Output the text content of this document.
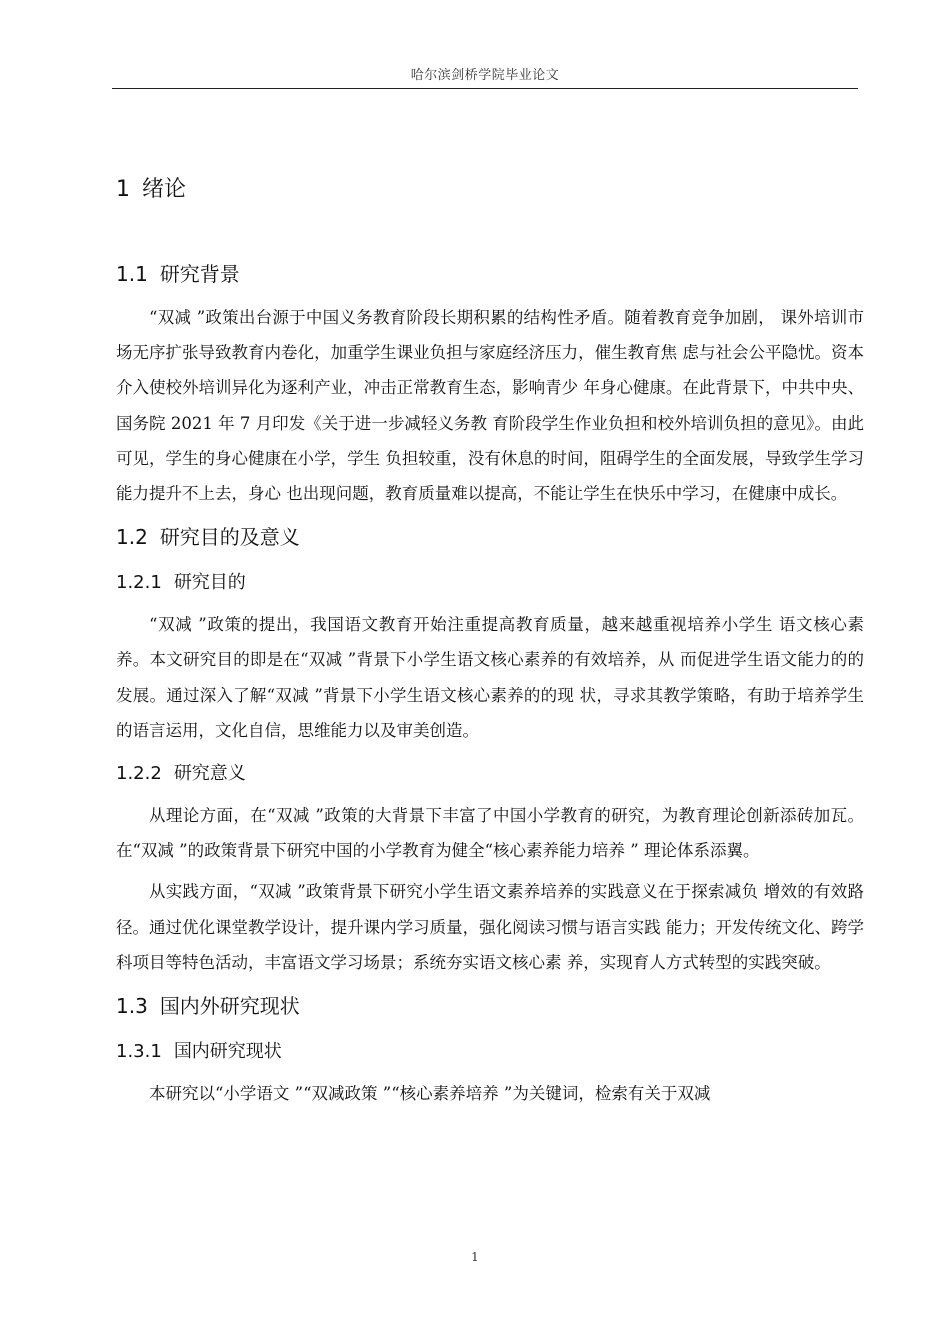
哈尔滨剑桥学院毕业论文
1 绪论
1.1 研究背景

“双减 ”政策出台源于中国义务教育阶段长期积累的结构性矛盾。随着教育竞争加剧， 课外培训市场无序扩张导致教育内卷化，加重学生课业负担与家庭经济压力，催生教育焦 虑与社会公平隐忧。资本介入使校外培训异化为逐利产业，冲击正常教育生态，影响青少 年身心健康。在此背景下，中共中央、国务院 2021 年 7 月印发《关于进一步减轻义务教 育阶段学生作业负担和校外培训负担的意见》。由此可见，学生的身心健康在小学，学生 负担较重，没有休息的时间，阻碍学生的全面发展，导致学生学习能力提升不上去，身心 也出现问题，教育质量难以提高，不能让学生在快乐中学习，在健康中成长。

1.2 研究目的及意义
1.2.1 研究目的

“双减 ”政策的提出，我国语文教育开始注重提高教育质量，越来越重视培养小学生 语文核心素养。本文研究目的即是在“双减 ”背景下小学生语文核心素养的有效培养，从 而促进学生语文能力的的发展。通过深入了解“双减 ”背景下小学生语文核心素养的的现 状，寻求其教学策略，有助于培养学生的语言运用，文化自信，思维能力以及审美创造。

1.2.2 研究意义

从理论方面，在“双减 ”政策的大背景下丰富了中国小学教育的研究，为教育理论创新添砖加瓦。在“双减 ”的政策背景下研究中国的小学教育为健全“核心素养能力培养 ” 理论体系添翼。

从实践方面，“双减 ”政策背景下研究小学生语文素养培养的实践意义在于探索减负 增效的有效路径。通过优化课堂教学设计，提升课内学习质量，强化阅读习惯与语言实践 能力；开发传统文化、跨学科项目等特色活动，丰富语文学习场景；系统夯实语文核心素 养，实现育人方式转型的实践突破。

1.3 国内外研究现状
1.3.1 国内研究现状

本研究以“小学语文 ”“双减政策 ”“核心素养培养 ”为关键词，检索有关于双减

1
